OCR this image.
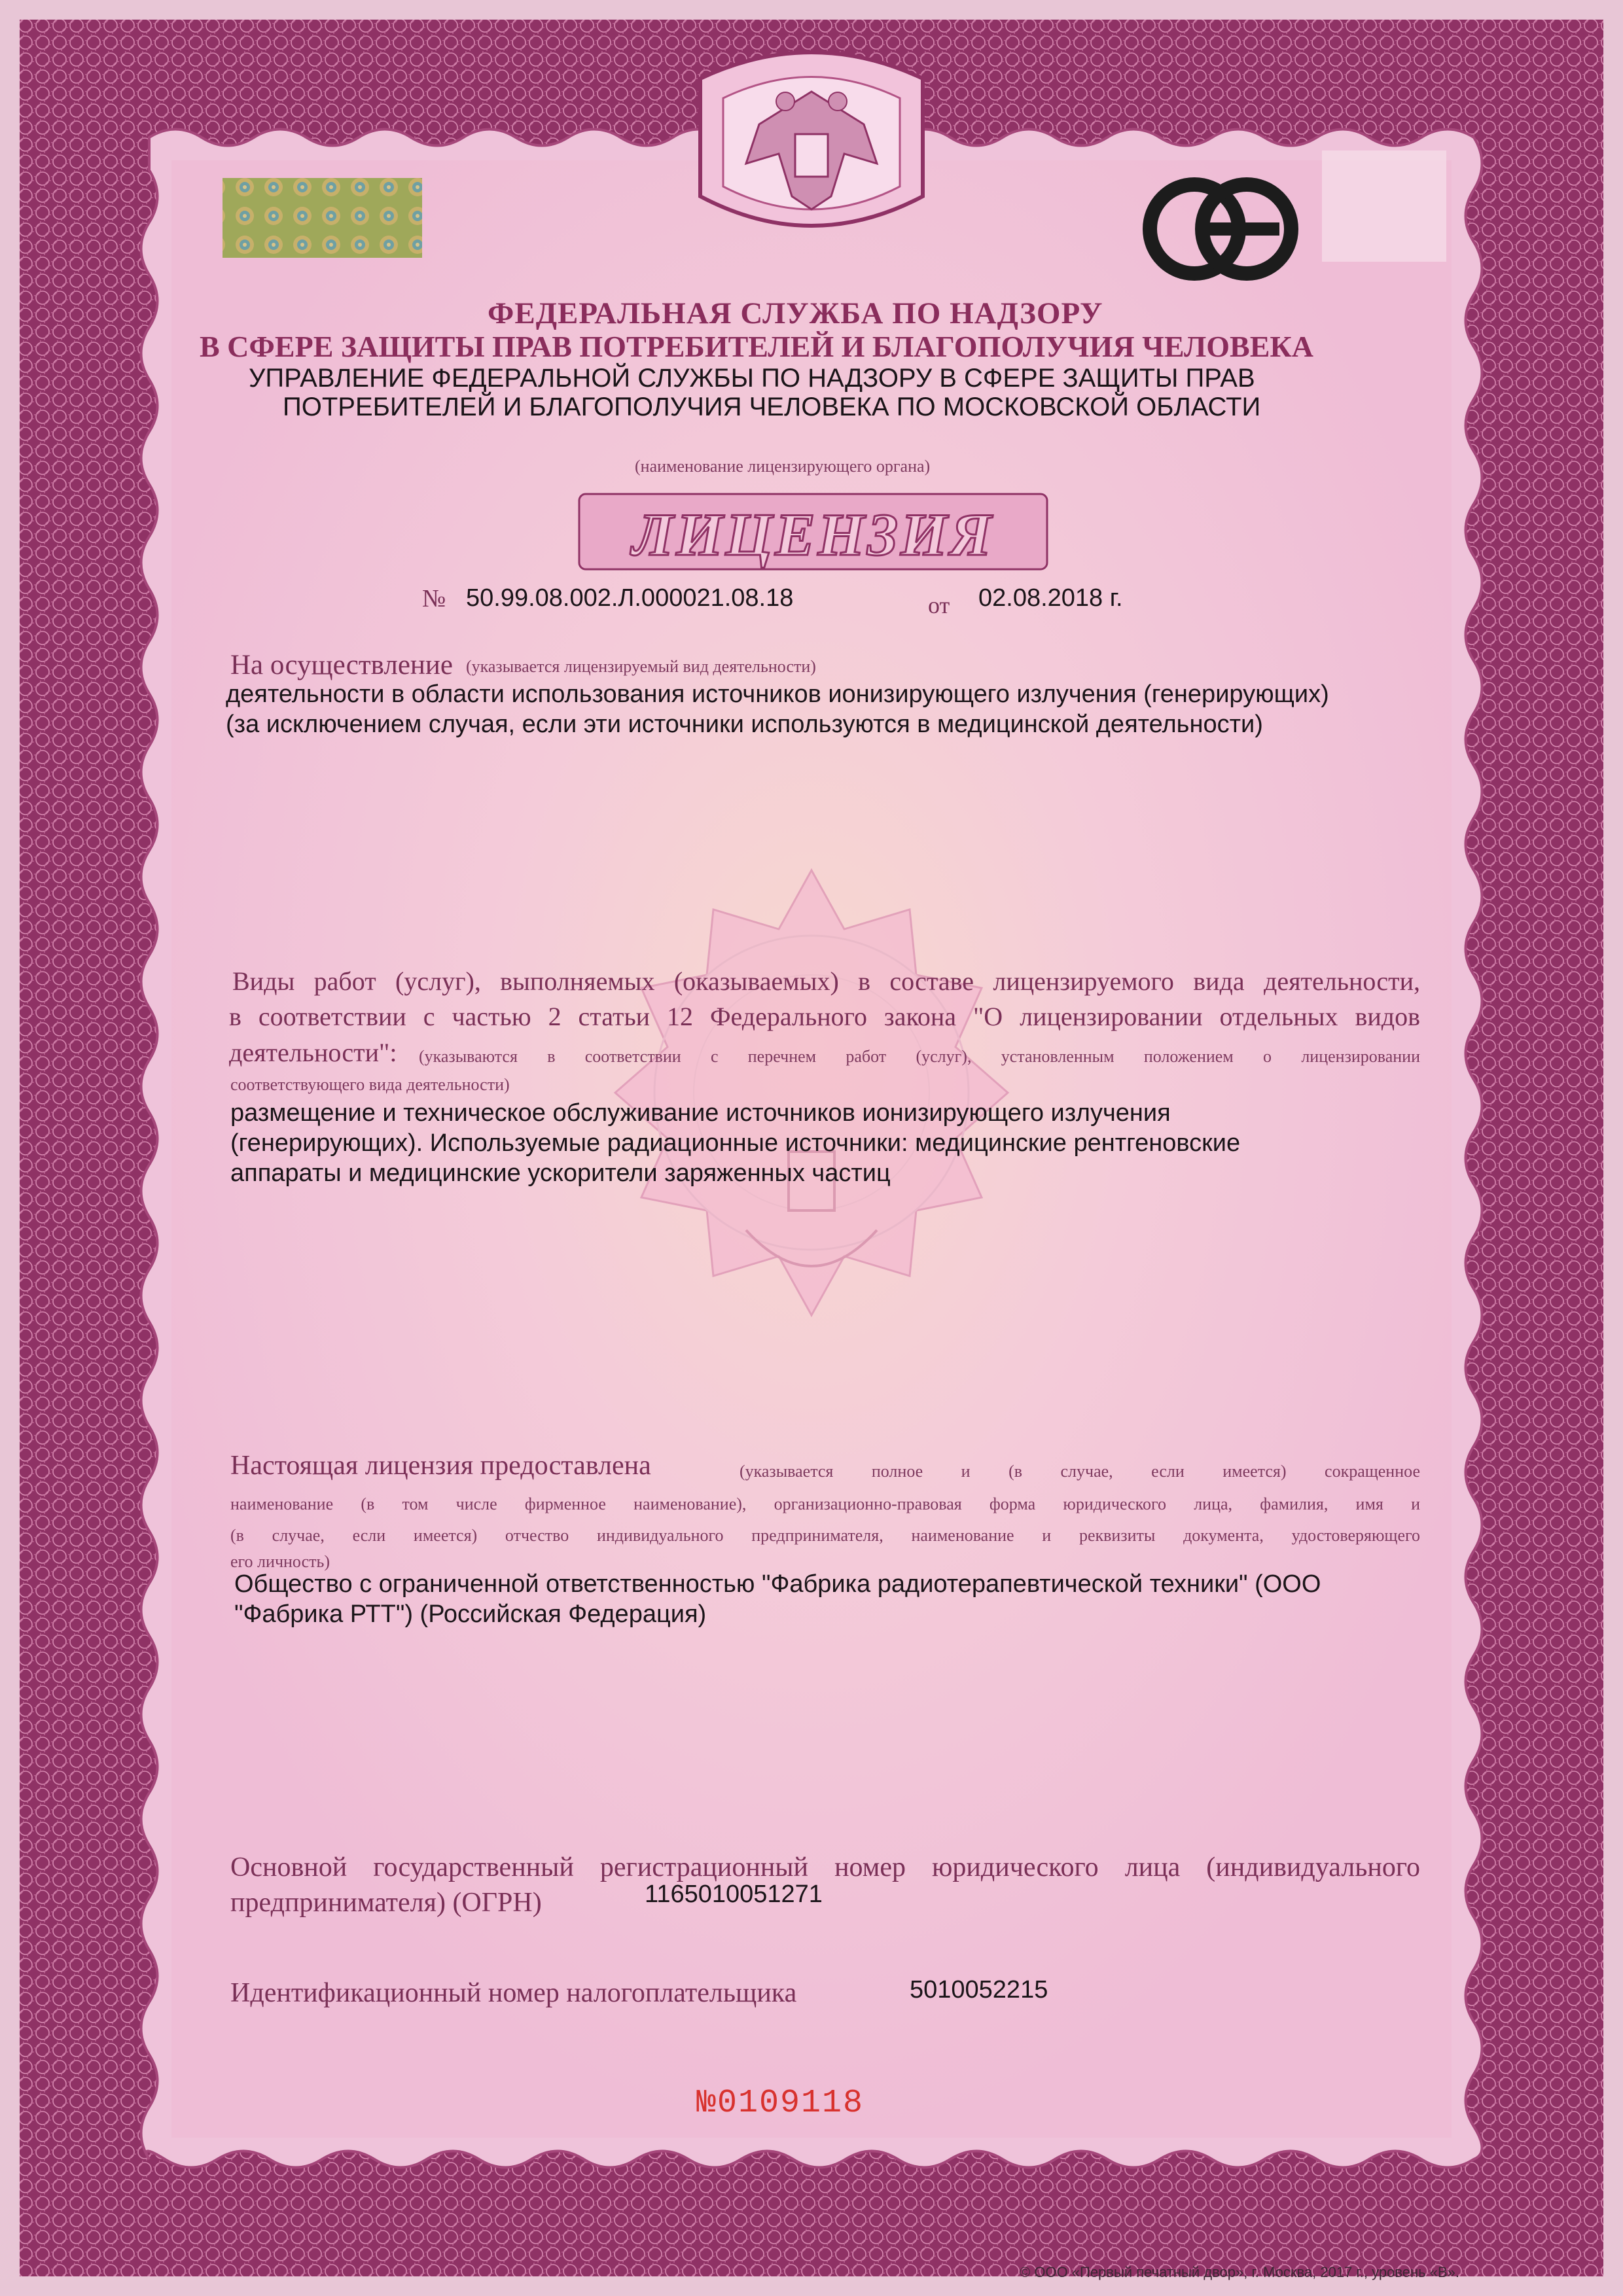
ФЕДЕРАЛЬНАЯ СЛУЖБА ПО НАДЗОРУ

В СФЕРЕ ЗАЩИТЫ ПРАВ ПОТРЕБИТЕЛЕЙ И БЛАГОПОЛУЧИЯ ЧЕЛОВЕКА

УПРАВЛЕНИЕ ФЕДЕРАЛЬНОЙ СЛУЖБЫ ПО НАДЗОРУ В СФЕРЕ ЗАЩИТЫ ПРАВ

ПОТРЕБИТЕЛЕЙ И БЛАГОПОЛУЧИЯ ЧЕЛОВЕКА ПО МОСКОВСКОЙ ОБЛАСТИ

(наименование лицензирующего органа)

ЛИЦЕНЗИЯ

№ 50.99.08.002.Л.000021.08.18	от 02.08.2018 г.

На осуществление (указывается лицензируемый вид деятельности)

деятельности в области использования источников ионизирующего излучения (генерирующих)

(за исключением случая, если эти источники используются в медицинской деятельности)

Виды работ (услуг), выполняемых (оказываемых) в составе лицензируемого вида деятельности,

в соответствии с частью 2 статьи 12 Федерального закона "О лицензировании отдельных видов

деятельности": (указываются в соответствии с перечнем работ (услуг), установленным положением о лицензировании

соответствующего вида деятельности)

размещение и техническое обслуживание источников ионизирующего излучения

(генерирующих). Используемые радиационные источники: медицинские рентгеновские

аппараты и медицинские ускорители заряженных частиц

Настоящая лицензия предоставлена	(указывается полное и (в случае, если имеется) сокращенное

наименование (в том числе фирменное наименование), организационно-правовая форма юридического лица, фамилия, имя и

(в случае, если имеется) отчество индивидуального предпринимателя, наименование и реквизиты документа, удостоверяющего

его личность)

Общество с ограниченной ответственностью "Фабрика радиотерапевтической техники" (ООО

"Фабрика РТТ") (Российская Федерация)

Основной государственный регистрационный номер юридического лица (индивидуального

предпринимателя) (ОГРН)	1165010051271

Идентификационный номер налогоплательщика	5010052215

№0109118

© ООО «Первый печатный двор», г. Москва, 2017 г., уровень «В».
